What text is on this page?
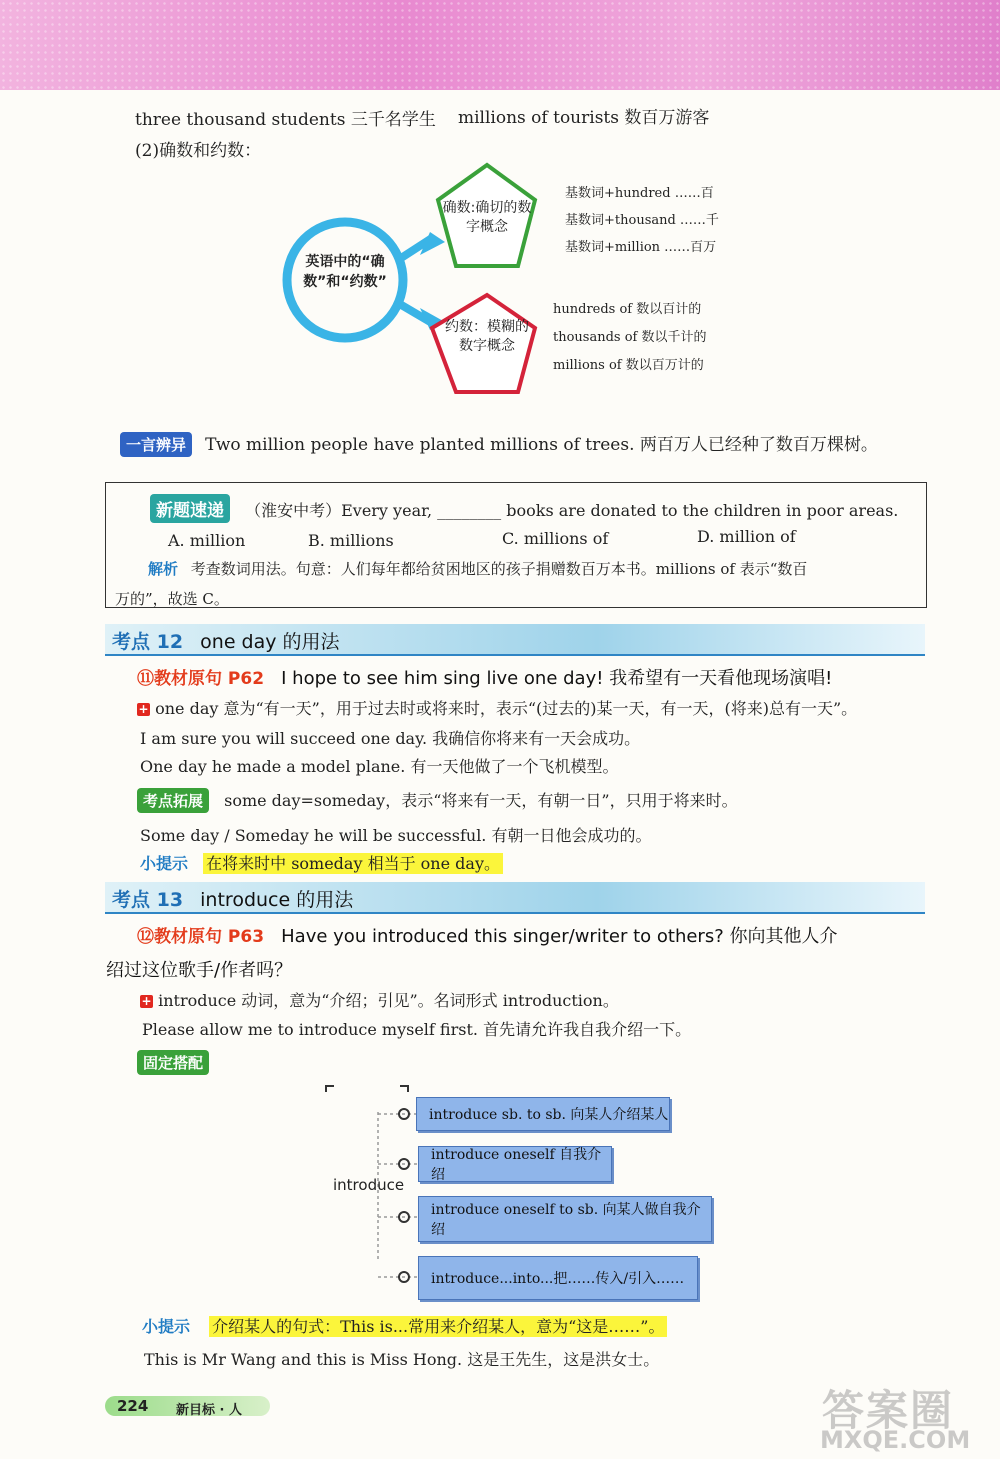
three thousand students 三千名学生 millions of tourists 数百万游客
(2)确数和约数：
英语中的“确数”和“约数”
确数:确切的数字概念
约数：模糊的数字概念
基数词+hundred ……百
基数词+thousand ……千
基数词+million ……百万
hundreds of 数以百计的
thousands of 数以千计的
millions of 数以百万计的
一言辨异 Two million people have planted millions of trees. 两百万人已经种了数百万棵树。
新题速递 （淮安中考）Every year, ________ books are donated to the children in poor areas.
A. million	B. millions	C. millions of	D. million of
解析 考查数词用法。句意：人们每年都给贫困地区的孩子捐赠数百万本书。millions of 表示“数百
万的”，故选 C。
考点 12 one day 的用法
⑪教材原句 P62 I hope to see him sing live one day! 我希望有一天看他现场演唱!
+ one day 意为“有一天”，用于过去时或将来时，表示“(过去的)某一天，有一天，(将来)总有一天”。
I am sure you will succeed one day. 我确信你将来有一天会成功。
One day he made a model plane. 有一天他做了一个飞机模型。
考点拓展 some day=someday，表示“将来有一天，有朝一日”，只用于将来时。
Some day / Someday he will be successful. 有朝一日他会成功的。
小提示 在将来时中 someday 相当于 one day。
考点 13 introduce 的用法
⑫教材原句 P63 Have you introduced this singer/writer to others? 你向其他人介
绍过这位歌手/作者吗？
+ introduce 动词，意为“介绍；引见”。名词形式 introduction。
Please allow me to introduce myself first. 首先请允许我自我介绍一下。
固定搭配
introduce
introduce sb. to sb. 向某人介绍某人
introduce oneself 自我介绍
introduce oneself to sb. 向某人做自我介绍
introduce...into...把……传入/引入……
小提示 介绍某人的句式：This is...常用来介绍某人，意为“这是……”。
This is Mr Wang and this is Miss Hong. 这是王先生，这是洪女士。
224 新目标 · 人	答案圈
MXQE.COM
